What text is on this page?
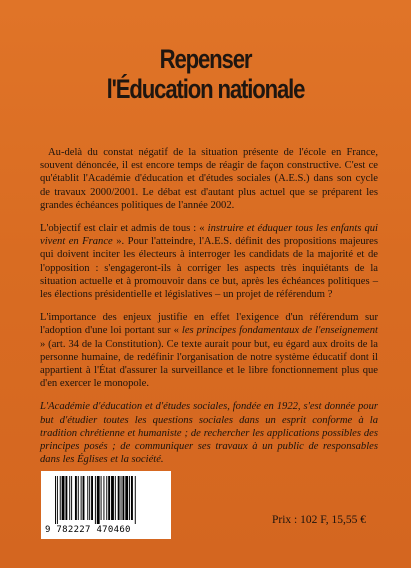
Repenser
l'Éducation nationale

Au-delà du constat négatif de la situation présente de l'école en France, souvent dénoncée, il est encore temps de réagir de façon constructive. C'est ce qu'établit l'Académie d'éducation et d'études sociales (A.E.S.) dans son cycle de travaux 2000/2001. Le débat est d'autant plus actuel que se préparent les grandes échéances politiques de l'année 2002.

L'objectif est clair et admis de tous : « instruire et éduquer tous les enfants qui vivent en France ». Pour l'atteindre, l'A.E.S. définit des propositions majeures qui doivent inciter les électeurs à interroger les candidats de la majorité et de l'opposition : s'engageront-ils à corriger les aspects très inquiétants de la situation actuelle et à promouvoir dans ce but, après les échéances politiques – les élections présidentielle et législatives – un projet de référendum ?

L'importance des enjeux justifie en effet l'exigence d'un référendum sur l'adoption d'une loi portant sur « les principes fondamentaux de l'enseignement » (art. 34 de la Constitution). Ce texte aurait pour but, eu égard aux droits de la personne humaine, de redéfinir l'organisation de notre système éducatif dont il appartient à l'État d'assurer la surveillance et le libre fonctionnement plus que d'en exercer le monopole.

L'Académie d'éducation et d'études sociales, fondée en 1922, s'est donnée pour but d'étudier toutes les questions sociales dans un esprit conforme à la tradition chrétienne et humaniste ; de rechercher les applications possibles des principes posés ; de communiquer ses travaux à un public de responsables dans les Églises et la société.

9 782227 470460
Prix : 102 F, 15,55 €
